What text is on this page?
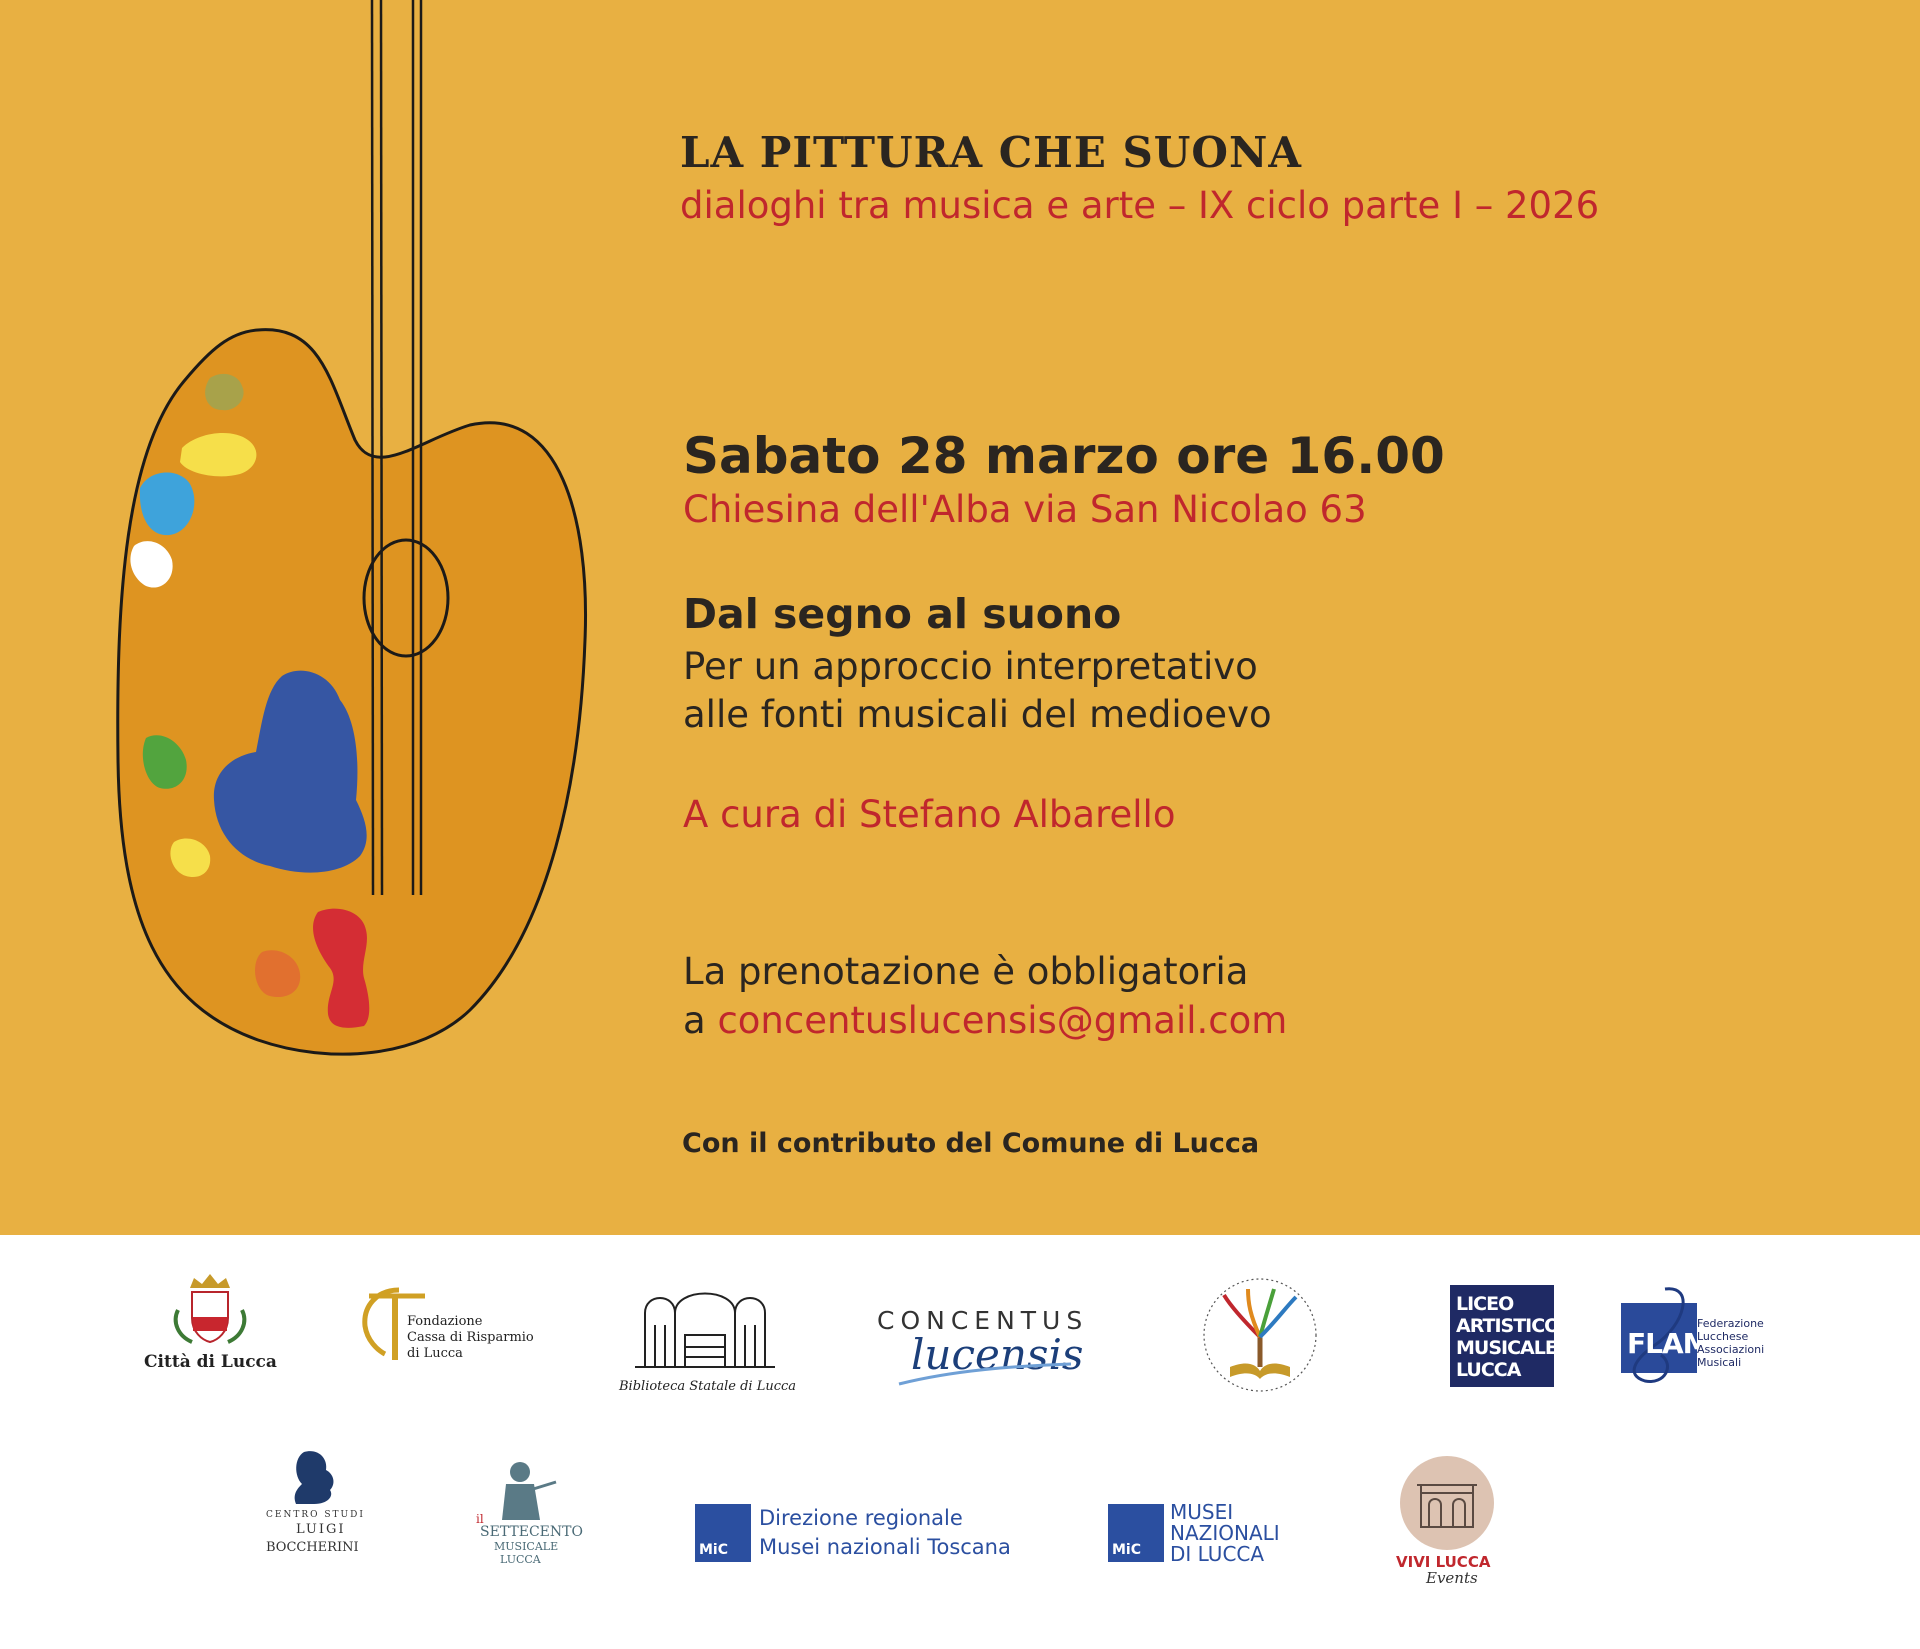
LA PITTURA CHE SUONA
dialoghi tra musica e arte – IX ciclo parte I – 2026
Sabato 28 marzo ore 16.00
Chiesina dell'Alba via San Nicolao 63
Dal segno al suono
Per un approccio interpretativo
alle fonti musicali del medioevo
A cura di Stefano Albarello
La prenotazione è obbligatoria
a concentuslucensis@gmail.com
Con il contributo del Comune di Lucca
Città di Lucca
Fondazione
Cassa di Risparmio
di Lucca
Biblioteca Statale di Lucca
CONCENTUS
lucensis
LICEO
ARTISTICO
MUSICALE
LUCCA
FLAM
Federazione
Lucchese
Associazioni
Musicali
CENTRO STUDI
LUIGI
BOCCHERINI
il
SETTECENTO
MUSICALE
LUCCA
MiC
Direzione regionale
Musei nazionali Toscana	MiC
MUSEI
NAZIONALI
DI LUCCA	VIVI LUCCA
Events
